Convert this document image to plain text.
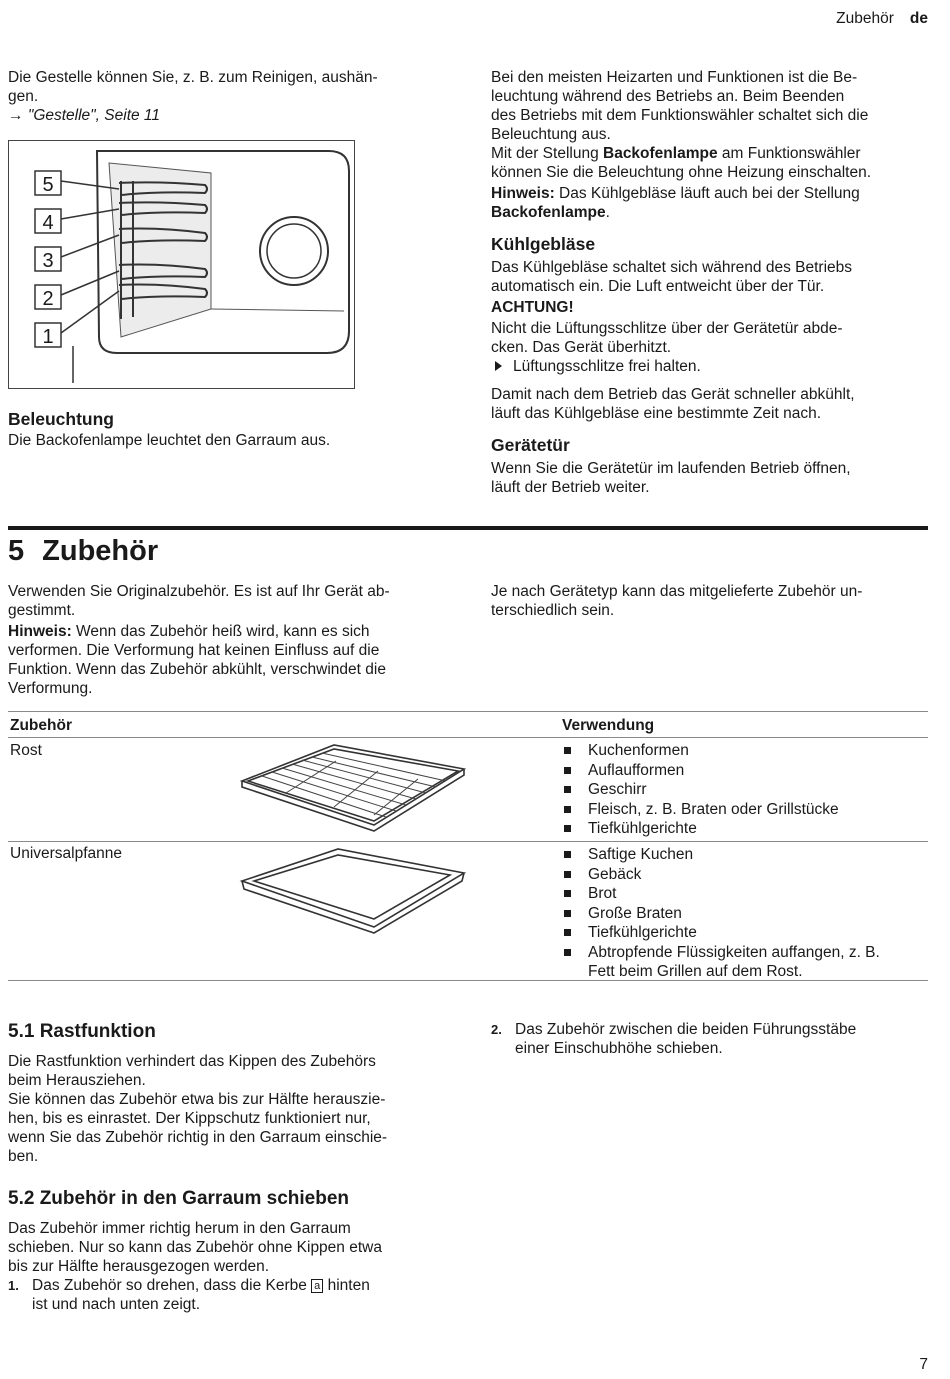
Zubehör de
Die Gestelle können Sie, z. B. zum Reinigen, aushän-
gen.
→ "Gestelle", Seite 11
5
4
3
2
1
Beleuchtung
Die Backofenlampe leuchtet den Garraum aus.
Bei den meisten Heizarten und Funktionen ist die Be-
leuchtung während des Betriebs an. Beim Beenden
des Betriebs mit dem Funktionswähler schaltet sich die
Beleuchtung aus.
Mit der Stellung Backofenlampe am Funktionswähler
können Sie die Beleuchtung ohne Heizung einschalten.
Hinweis: Das Kühlgebläse läuft auch bei der Stellung
Backofenlampe.
Kühlgebläse
Das Kühlgebläse schaltet sich während des Betriebs
automatisch ein. Die Luft entweicht über der Tür.
ACHTUNG!
Nicht die Lüftungsschlitze über der Gerätetür abde-
cken. Das Gerät überhitzt.
Lüftungsschlitze frei halten.
Damit nach dem Betrieb das Gerät schneller abkühlt,
läuft das Kühlgebläse eine bestimmte Zeit nach.
Gerätetür
Wenn Sie die Gerätetür im laufenden Betrieb öffnen,
läuft der Betrieb weiter.
5 Zubehör
Verwenden Sie Originalzubehör. Es ist auf Ihr Gerät ab-
gestimmt.
Hinweis: Wenn das Zubehör heiß wird, kann es sich
verformen. Die Verformung hat keinen Einfluss auf die
Funktion. Wenn das Zubehör abkühlt, verschwindet die
Verformung.
Je nach Gerätetyp kann das mitgelieferte Zubehör un-
terschiedlich sein.
Zubehör	Verwendung
Rost	Kuchenformen
Auflaufformen
Geschirr
Fleisch, z. B. Braten oder Grillstücke
Tiefkühlgerichte
Universalpfanne	Saftige Kuchen
Gebäck
Brot
Große Braten
Tiefkühlgerichte
Abtropfende Flüssigkeiten auffangen, z. B.
Fett beim Grillen auf dem Rost.
5.1 Rastfunktion
Die Rastfunktion verhindert das Kippen des Zubehörs
beim Herausziehen.
Sie können das Zubehör etwa bis zur Hälfte herauszie-
hen, bis es einrastet. Der Kippschutz funktioniert nur,
wenn Sie das Zubehör richtig in den Garraum einschie-
ben.
5.2 Zubehör in den Garraum schieben
Das Zubehör immer richtig herum in den Garraum
schieben. Nur so kann das Zubehör ohne Kippen etwa
bis zur Hälfte herausgezogen werden.
1. Das Zubehör so drehen, dass die Kerbe a hinten
ist und nach unten zeigt.
2. Das Zubehör zwischen die beiden Führungsstäbe
einer Einschubhöhe schieben.
7
